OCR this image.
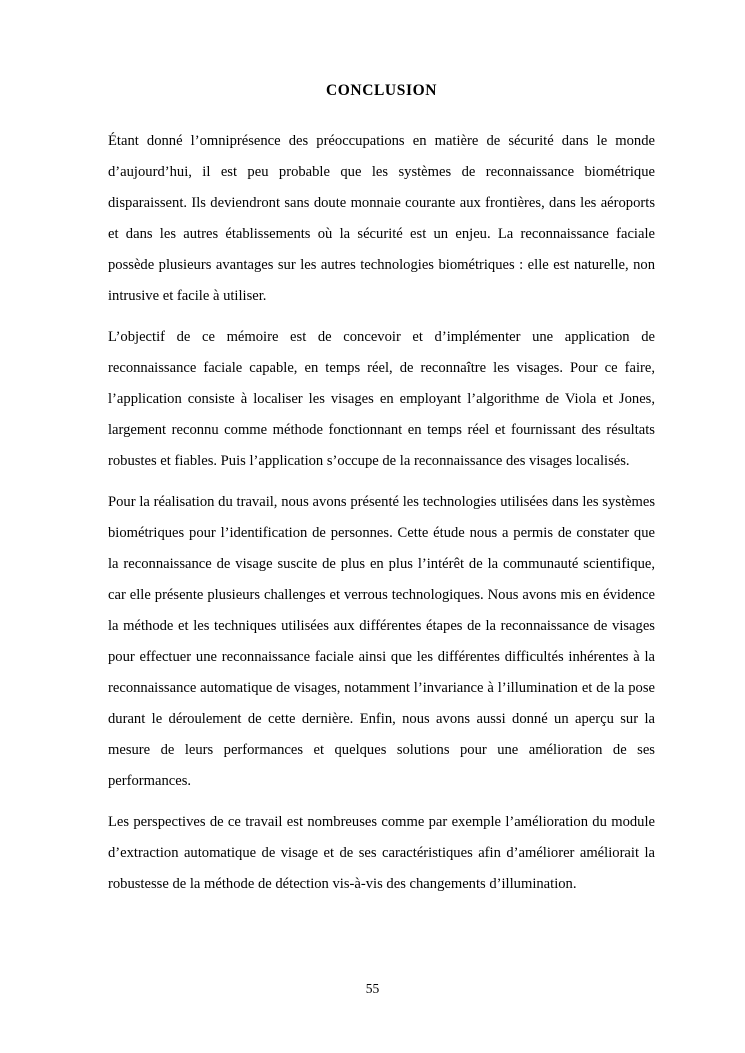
CONCLUSION

Étant donné l’omniprésence des préoccupations en matière de sécurité dans le monde d’aujourd’hui, il est peu probable que les systèmes de reconnaissance biométrique disparaissent. Ils deviendront sans doute monnaie courante aux frontières, dans les aéroports et dans les autres établissements où la sécurité est un enjeu. La reconnaissance faciale possède plusieurs avantages sur les autres technologies biométriques : elle est naturelle, non intrusive et facile à utiliser.

L’objectif de ce mémoire est de concevoir et d’implémenter une application de reconnaissance faciale capable, en temps réel, de reconnaître les visages. Pour ce faire, l’application consiste à localiser les visages en employant l’algorithme de Viola et Jones, largement reconnu comme méthode fonctionnant en temps réel et fournissant des résultats robustes et fiables. Puis l’application s’occupe de la reconnaissance des visages localisés.

Pour la réalisation du travail, nous avons présenté les technologies utilisées dans les systèmes biométriques pour l’identification de personnes. Cette étude nous a permis de constater que la reconnaissance de visage suscite de plus en plus l’intérêt de la communauté scientifique, car elle présente plusieurs challenges et verrous technologiques. Nous avons mis en évidence la méthode et les techniques utilisées aux différentes étapes de la reconnaissance de visages pour effectuer une reconnaissance faciale ainsi que les différentes difficultés inhérentes à la reconnaissance automatique de visages, notamment l’invariance à l’illumination et de la pose durant le déroulement de cette dernière. Enfin, nous avons aussi donné un aperçu sur la mesure de leurs performances et quelques solutions pour une amélioration de ses performances.

Les perspectives de ce travail est nombreuses comme par exemple l’amélioration du module d’extraction automatique de visage et de ses caractéristiques afin d’améliorer améliorait la robustesse de la méthode de détection vis-à-vis des changements d’illumination.

55
